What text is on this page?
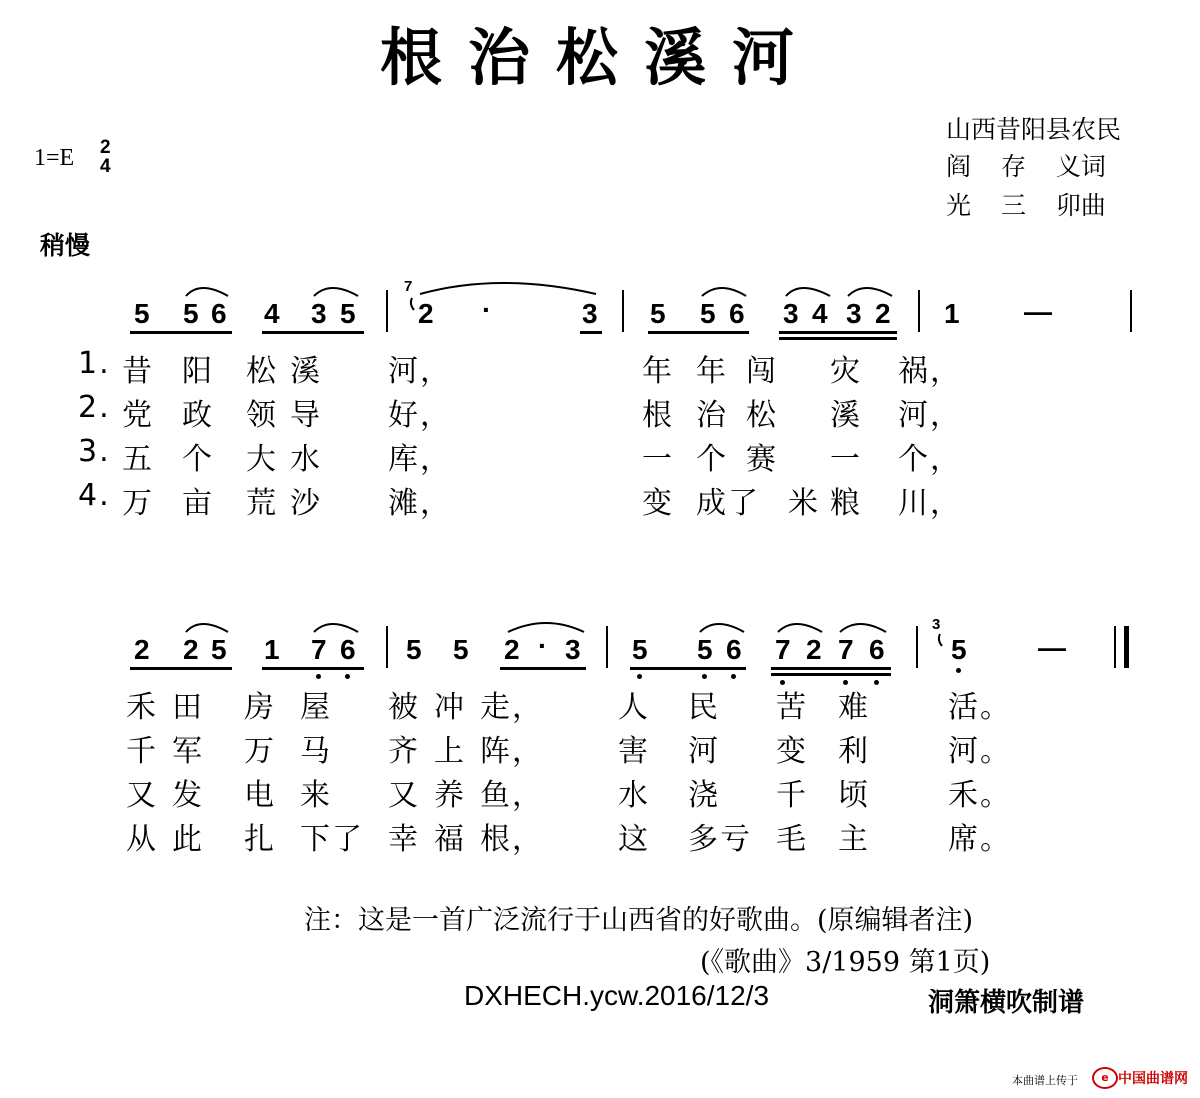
根治松溪河
1=E 2
4
山西昔阳县农民
阎 存 义词
光 三 卯曲
稍慢
5 5 6 4 3 5
7
2 ·	3 5 5 6 3 4 3 2 1 —
1. 昔 阳 松 溪 河，	年 年 闯 灾 祸，
2. 党 政 领 导 好，	根 治 松 溪 河，
3. 五 个 大 水 库，	一 个 赛 一 个，
4. 万 亩 荒 沙 滩，	变 成了 米 粮 川，
2 2 5 1 7 6 5 5 2 · 3 5 5 6 7 2 7 6
3
5	—
禾 田 房 屋 被 冲 走， 人 民 苦 难	活。
千 军 万 马 齐 上 阵， 害 河 变 利	河。
又 发 电 来 又 养 鱼， 水 浇 千 顷	禾。
从 此 扎 下了 幸 福 根， 这 多 亏 毛 主	席。
注：这是一首广泛流行于山西省的好歌曲。(原编辑者注)
(《歌曲》3/1959 第1页)
DXHECH.ycw.2016/12/3	洞箫横吹制谱
本曲谱上传于	e 中国曲谱网
